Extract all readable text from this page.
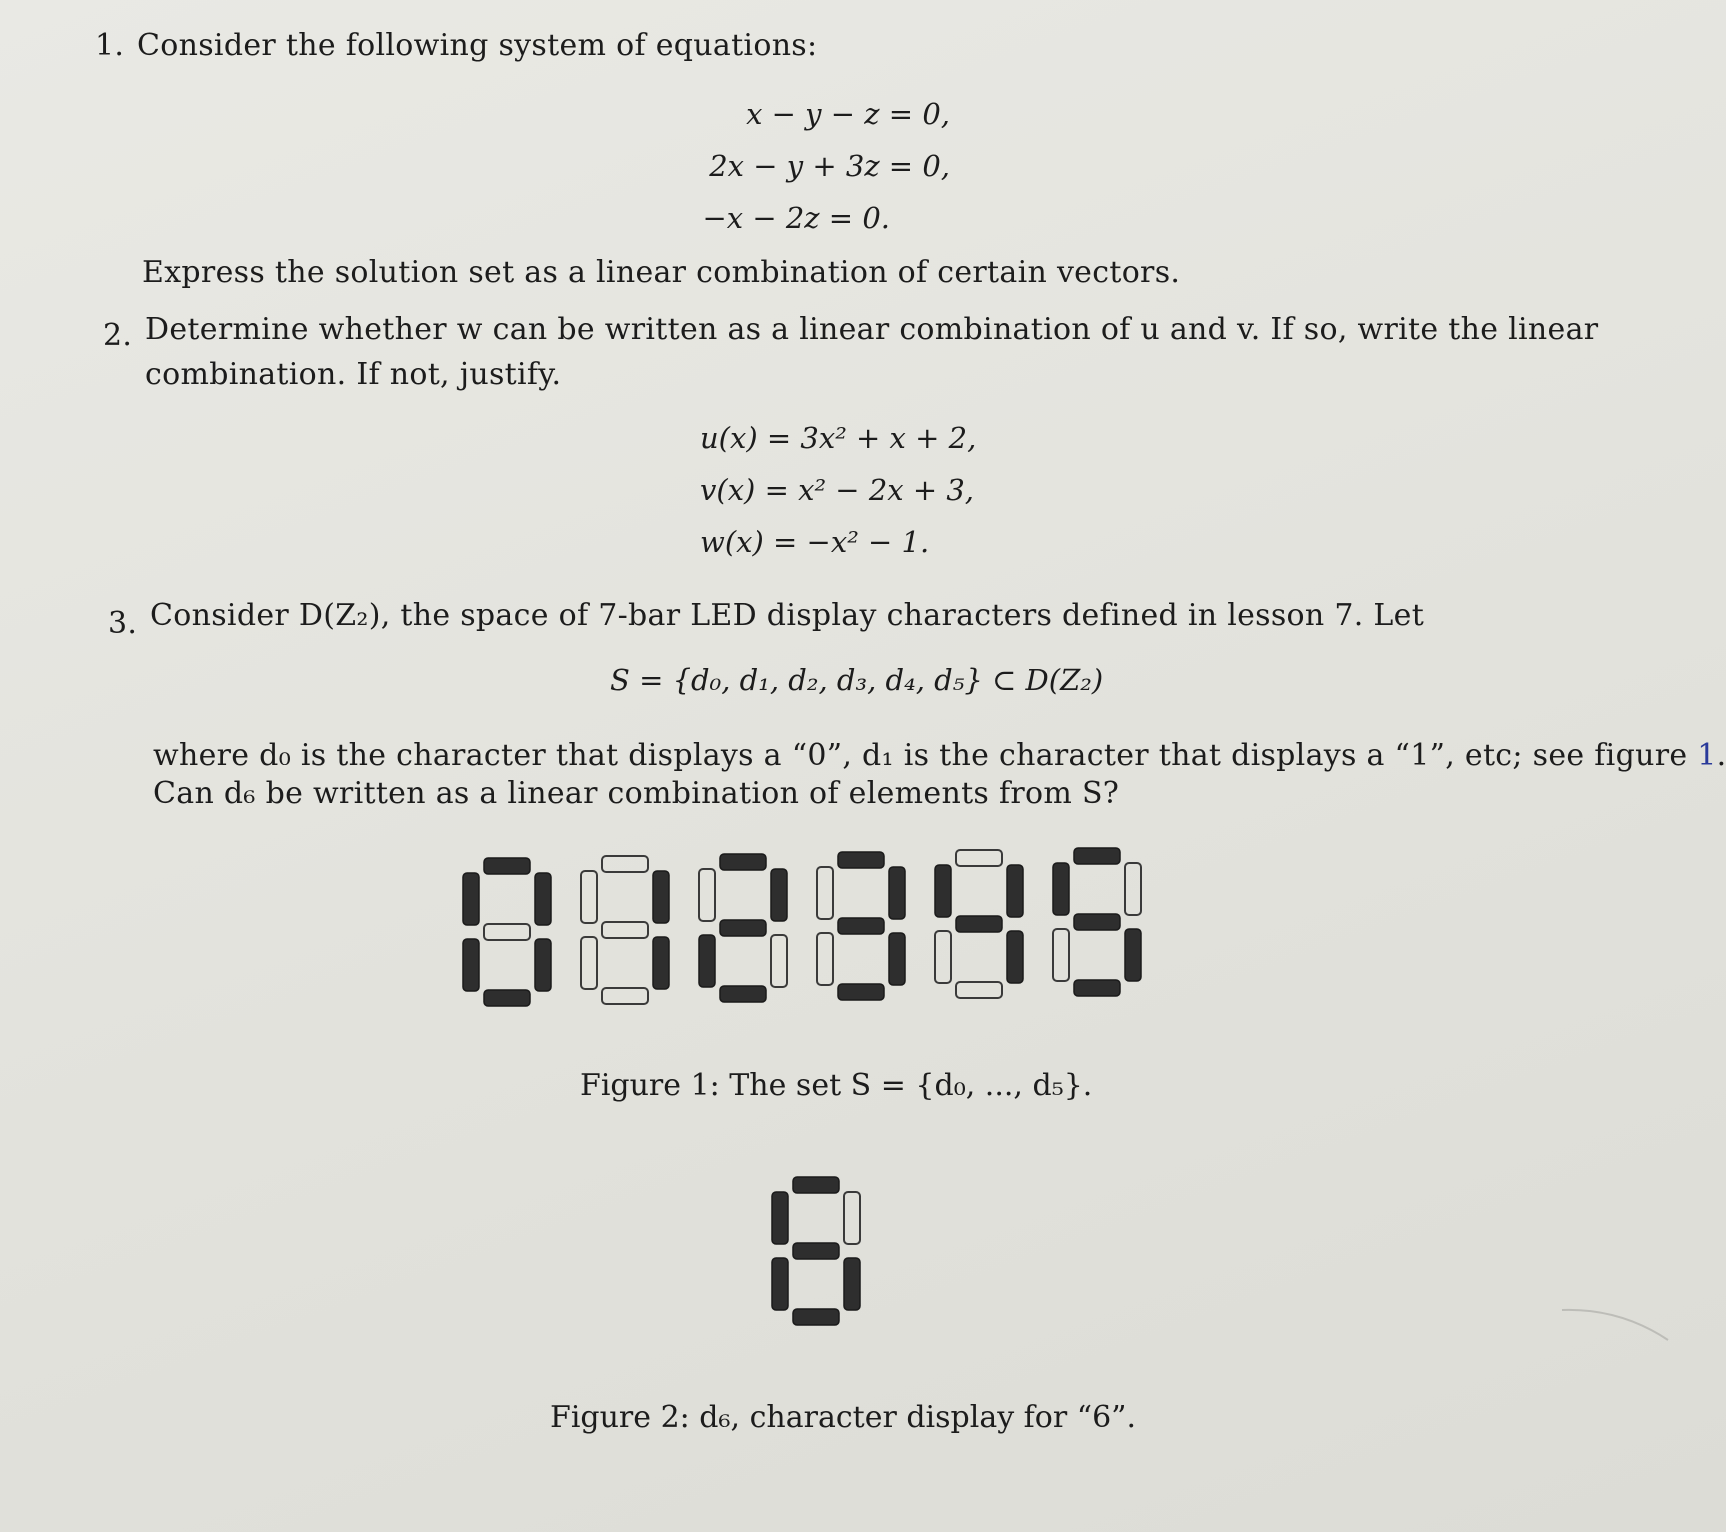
1. Consider the following system of equations:
x − y − z = 0,
2x − y + 3z = 0,
−x − 2z = 0.
Express the solution set as a linear combination of certain vectors.
2. Determine whether w can be written as a linear combination of u and v. If so, write the linear
combination. If not, justify.
u(x) = 3x² + x + 2,
v(x) = x² − 2x + 3,
w(x) = −x² − 1.
3. Consider D(Z₂), the space of 7-bar LED display characters defined in lesson 7. Let
S = {d₀, d₁, d₂, d₃, d₄, d₅} ⊂ D(Z₂)
where d₀ is the character that displays a “0”, d₁ is the character that displays a “1”, etc; see figure 1.
Can d₆ be written as a linear combination of elements from S?
Figure 1: The set S = {d₀, ..., d₅}.
Figure 2: d₆, character display for “6”.
